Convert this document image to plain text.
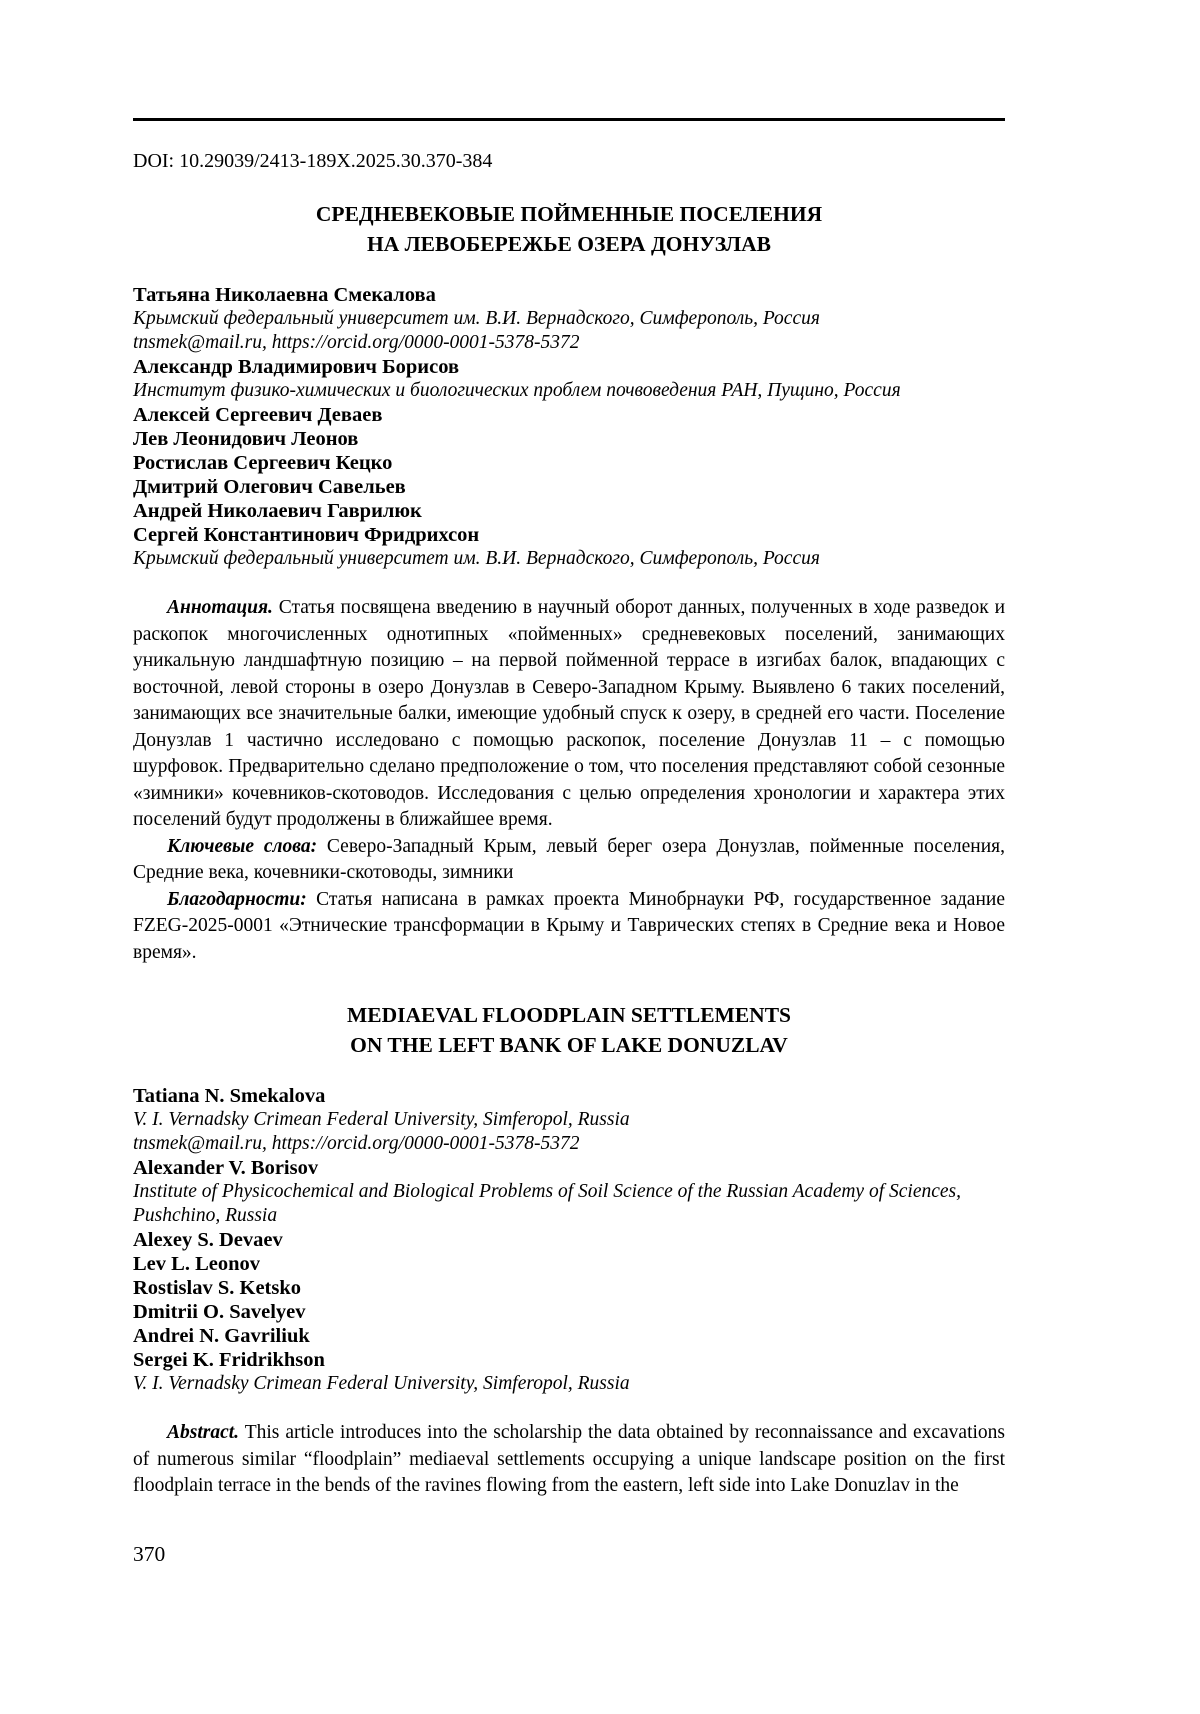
DOI: 10.29039/2413-189X.2025.30.370-384

СРЕДНЕВЕКОВЫЕ ПОЙМЕННЫЕ ПОСЕЛЕНИЯ
НА ЛЕВОБЕРЕЖЬЕ ОЗЕРА ДОНУЗЛАВ

Татьяна Николаевна Смекалова

Крымский федеральный университет им. В.И. Вернадского, Симферополь, Россия

tnsmek@mail.ru, https://orcid.org/0000-0001-5378-5372

Александр Владимирович Борисов

Институт физико-химических и биологических проблем почвоведения РАН, Пущино, Россия

Алексей Сергеевич Деваев

Лев Леонидович Леонов

Ростислав Сергеевич Кецко

Дмитрий Олегович Савельев

Андрей Николаевич Гаврилюк

Сергей Константинович Фридрихсон

Крымский федеральный университет им. В.И. Вернадского, Симферополь, Россия

Аннотация. Статья посвящена введению в научный оборот данных, полученных в ходе разведок и раскопок многочисленных однотипных «пойменных» средневековых поселений, занимающих уникальную ландшафтную позицию – на первой пойменной террасе в изгибах балок, впадающих с восточной, левой стороны в озеро Донузлав в Северо-Западном Крыму. Выявлено 6 таких поселений, занимающих все значительные балки, имеющие удобный спуск к озеру, в средней его части. Поселение Донузлав 1 частично исследовано с помощью раскопок, поселение Донузлав 11 – с помощью шурфовок. Предварительно сделано предположение о том, что поселения представляют собой сезонные «зимники» кочевников-скотоводов. Исследования с целью определения хронологии и характера этих поселений будут продолжены в ближайшее время.

Ключевые слова: Северо-Западный Крым, левый берег озера Донузлав, пойменные поселения, Средние века, кочевники-скотоводы, зимники

Благодарности: Статья написана в рамках проекта Минобрнауки РФ, государственное задание FZEG-2025-0001 «Этнические трансформации в Крыму и Таврических степях в Средние века и Новое время».

MEDIAEVAL FLOODPLAIN SETTLEMENTS
ON THE LEFT BANK OF LAKE DONUZLAV

Tatiana N. Smekalova

V. I. Vernadsky Crimean Federal University, Simferopol, Russia

tnsmek@mail.ru, https://orcid.org/0000-0001-5378-5372

Alexander V. Borisov

Institute of Physicochemical and Biological Problems of Soil Science of the Russian Academy of Sciences, Pushchino, Russia

Alexey S. Devaev

Lev L. Leonov

Rostislav S. Ketsko

Dmitrii O. Savelyev

Andrei N. Gavriliuk

Sergei K. Fridrikhson

V. I. Vernadsky Crimean Federal University, Simferopol, Russia

Abstract. This article introduces into the scholarship the data obtained by reconnaissance and excavations of numerous similar “floodplain” mediaeval settlements occupying a unique landscape position on the first floodplain terrace in the bends of the ravines flowing from the eastern, left side into Lake Donuzlav in the

370
